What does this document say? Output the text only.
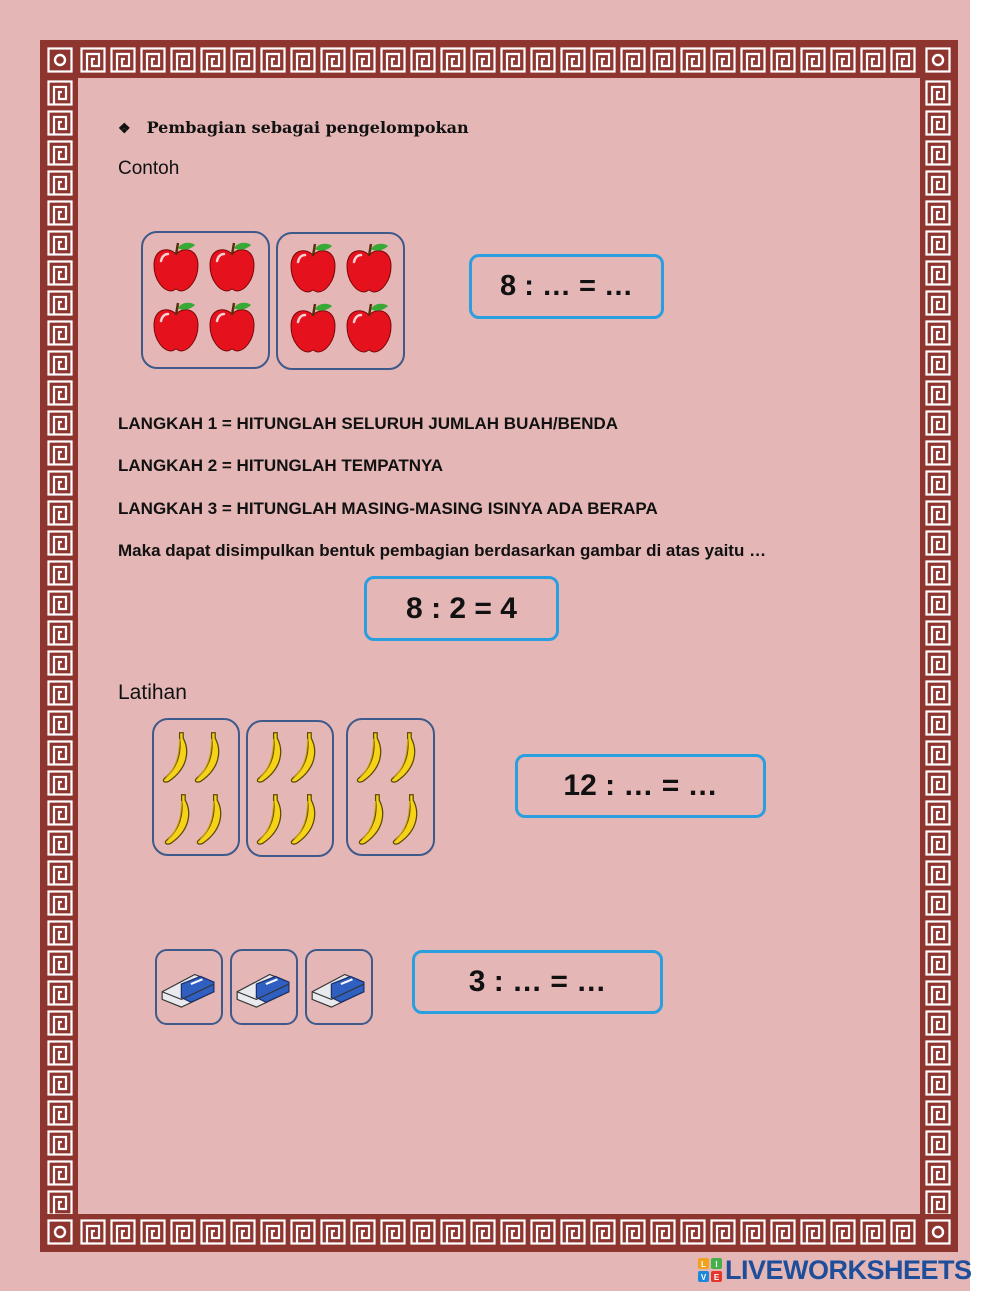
❖ Pembagian sebagai pengelompokan
Contoh
8 : … = …
LANGKAH 1 = HITUNGLAH SELURUH JUMLAH BUAH/BENDA
LANGKAH 2 = HITUNGLAH TEMPATNYA
LANGKAH 3 = HITUNGLAH MASING-MASING ISINYA ADA BERAPA
Maka dapat disimpulkan bentuk pembagian berdasarkan gambar di atas yaitu …
8 : 2 = 4
Latihan
12 : … = …
3 : … = …
L I
V E LIVEWORKSHEETS
